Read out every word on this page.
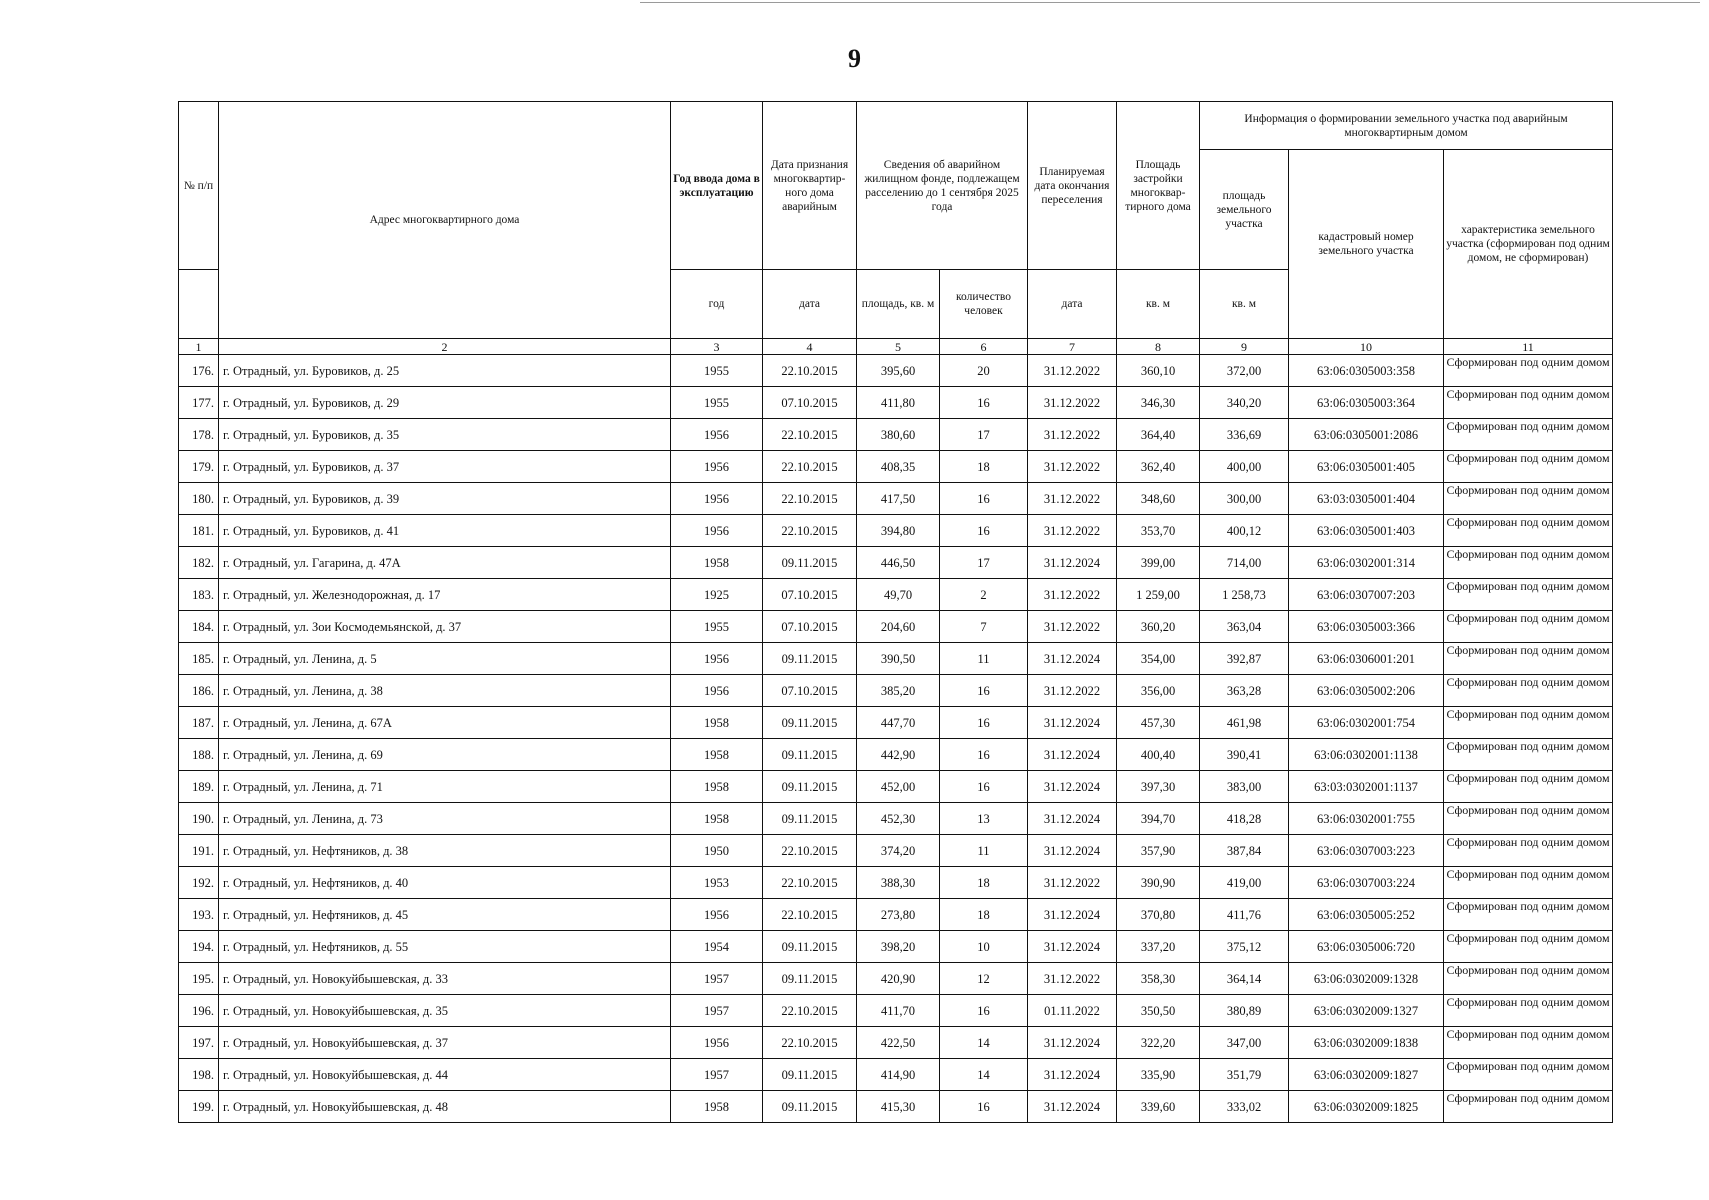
9
№ п/п	Адрес многоквартирного дома	Год ввода дома в эксплуатацию	Дата признания многоквартир-ного дома аварийным	Сведения об аварийном жилищном фонде, подлежащем расселению до 1 сентября 2025 года		Планируемая дата окончания переселения	Площадь застройки многоквар-тирного дома	Информация о формировании земельного участка под аварийным многоквартирным домом		
								площадь земельного участка	кадастровый номер земельного участка	характеристика земельного участка (сформирован под одним домом, не сформирован)
		год	дата	площадь, кв. м	количество человек	дата	кв. м	кв. м		
1	2	3	4	5	6	7	8	9	10	11
176.	г. Отрадный, ул. Буровиков, д. 25	1955	22.10.2015	395,60	20	31.12.2022	360,10	372,00	63:06:0305003:358	Сформирован под одним домом
177.	г. Отрадный, ул. Буровиков, д. 29	1955	07.10.2015	411,80	16	31.12.2022	346,30	340,20	63:06:0305003:364	Сформирован под одним домом
178.	г. Отрадный, ул. Буровиков, д. 35	1956	22.10.2015	380,60	17	31.12.2022	364,40	336,69	63:06:0305001:2086	Сформирован под одним домом
179.	г. Отрадный, ул. Буровиков, д. 37	1956	22.10.2015	408,35	18	31.12.2022	362,40	400,00	63:06:0305001:405	Сформирован под одним домом
180.	г. Отрадный, ул. Буровиков, д. 39	1956	22.10.2015	417,50	16	31.12.2022	348,60	300,00	63:03:0305001:404	Сформирован под одним домом
181.	г. Отрадный, ул. Буровиков, д. 41	1956	22.10.2015	394,80	16	31.12.2022	353,70	400,12	63:06:0305001:403	Сформирован под одним домом
182.	г. Отрадный, ул. Гагарина, д. 47А	1958	09.11.2015	446,50	17	31.12.2024	399,00	714,00	63:06:0302001:314	Сформирован под одним домом
183.	г. Отрадный, ул. Железнодорожная, д. 17	1925	07.10.2015	49,70	2	31.12.2022	1 259,00	1 258,73	63:06:0307007:203	Сформирован под одним домом
184.	г. Отрадный, ул. Зои Космодемьянской, д. 37	1955	07.10.2015	204,60	7	31.12.2022	360,20	363,04	63:06:0305003:366	Сформирован под одним домом
185.	г. Отрадный, ул. Ленина, д. 5	1956	09.11.2015	390,50	11	31.12.2024	354,00	392,87	63:06:0306001:201	Сформирован под одним домом
186.	г. Отрадный, ул. Ленина, д. 38	1956	07.10.2015	385,20	16	31.12.2022	356,00	363,28	63:06:0305002:206	Сформирован под одним домом
187.	г. Отрадный, ул. Ленина, д. 67А	1958	09.11.2015	447,70	16	31.12.2024	457,30	461,98	63:06:0302001:754	Сформирован под одним домом
188.	г. Отрадный, ул. Ленина, д. 69	1958	09.11.2015	442,90	16	31.12.2024	400,40	390,41	63:06:0302001:1138	Сформирован под одним домом
189.	г. Отрадный, ул. Ленина, д. 71	1958	09.11.2015	452,00	16	31.12.2024	397,30	383,00	63:03:0302001:1137	Сформирован под одним домом
190.	г. Отрадный, ул. Ленина, д. 73	1958	09.11.2015	452,30	13	31.12.2024	394,70	418,28	63:06:0302001:755	Сформирован под одним домом
191.	г. Отрадный, ул. Нефтяников, д. 38	1950	22.10.2015	374,20	11	31.12.2024	357,90	387,84	63:06:0307003:223	Сформирован под одним домом
192.	г. Отрадный, ул. Нефтяников, д. 40	1953	22.10.2015	388,30	18	31.12.2022	390,90	419,00	63:06:0307003:224	Сформирован под одним домом
193.	г. Отрадный, ул. Нефтяников, д. 45	1956	22.10.2015	273,80	18	31.12.2024	370,80	411,76	63:06:0305005:252	Сформирован под одним домом
194.	г. Отрадный, ул. Нефтяников, д. 55	1954	09.11.2015	398,20	10	31.12.2024	337,20	375,12	63:06:0305006:720	Сформирован под одним домом
195.	г. Отрадный, ул. Новокуйбышевская, д. 33	1957	09.11.2015	420,90	12	31.12.2022	358,30	364,14	63:06:0302009:1328	Сформирован под одним домом
196.	г. Отрадный, ул. Новокуйбышевская, д. 35	1957	22.10.2015	411,70	16	01.11.2022	350,50	380,89	63:06:0302009:1327	Сформирован под одним домом
197.	г. Отрадный, ул. Новокуйбышевская, д. 37	1956	22.10.2015	422,50	14	31.12.2024	322,20	347,00	63:06:0302009:1838	Сформирован под одним домом
198.	г. Отрадный, ул. Новокуйбышевская, д. 44	1957	09.11.2015	414,90	14	31.12.2024	335,90	351,79	63:06:0302009:1827	Сформирован под одним домом
199.	г. Отрадный, ул. Новокуйбышевская, д. 48	1958	09.11.2015	415,30	16	31.12.2024	339,60	333,02	63:06:0302009:1825	Сформирован под одним домом
